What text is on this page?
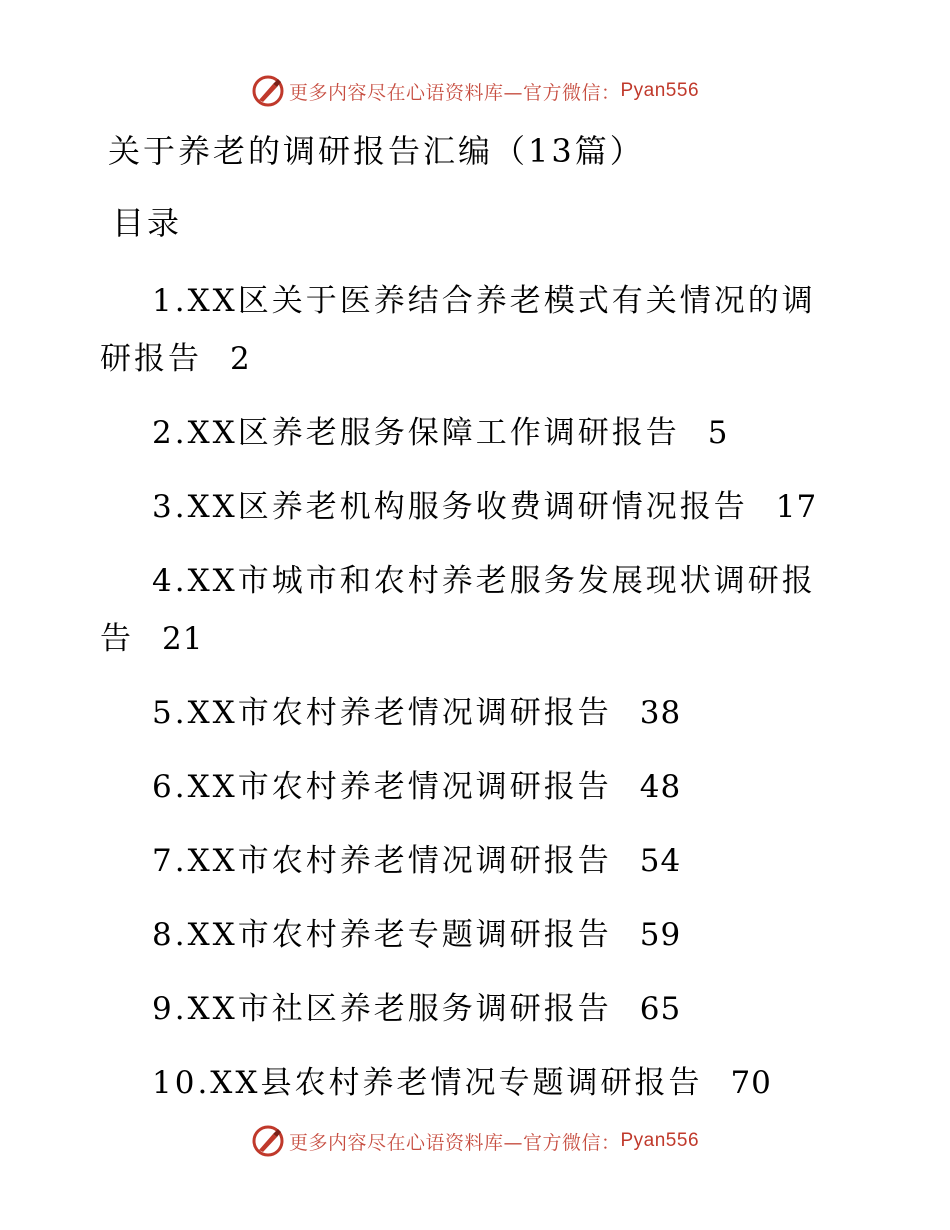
更多内容尽在心语资料库—官方微信： Pyan556
关于养老的调研报告汇编（13篇）
目录
1.XX区关于医养结合养老模式有关情况的调研报告 2
2.XX区养老服务保障工作调研报告 5
3.XX区养老机构服务收费调研情况报告 17
4.XX市城市和农村养老服务发展现状调研报告 21
5.XX市农村养老情况调研报告 38
6.XX市农村养老情况调研报告 48
7.XX市农村养老情况调研报告 54
8.XX市农村养老专题调研报告 59
9.XX市社区养老服务调研报告 65
10.XX县农村养老情况专题调研报告 70
更多内容尽在心语资料库—官方微信： Pyan556
